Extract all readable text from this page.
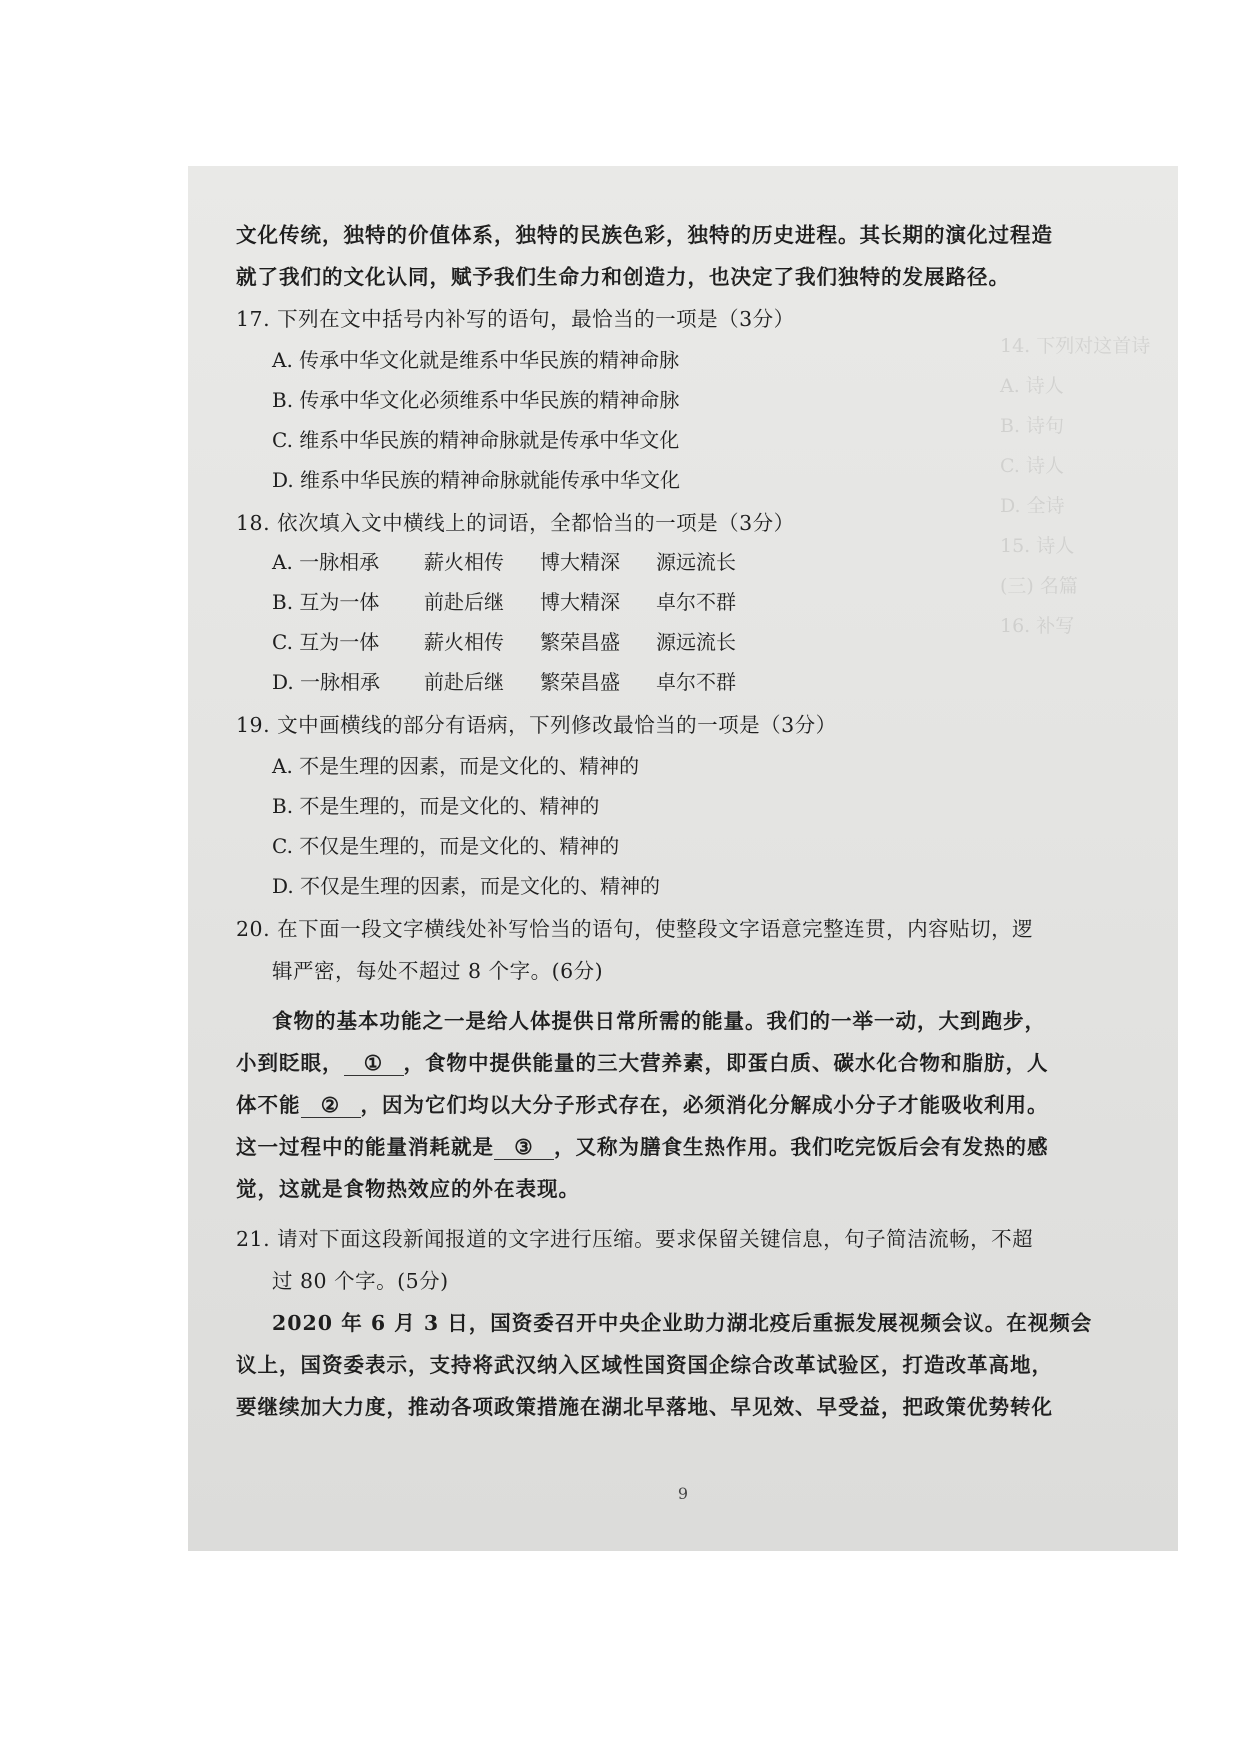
14. 下列对这首诗
A. 诗人
B. 诗句
C. 诗人
D. 全诗
15. 诗人
(三) 名篇
16. 补写
文化传统，独特的价值体系，独特的民族色彩，独特的历史进程。其长期的演化过程造
就了我们的文化认同，赋予我们生命力和创造力，也决定了我们独特的发展路径。
17. 下列在文中括号内补写的语句，最恰当的一项是（3分）
A. 传承中华文化就是维系中华民族的精神命脉
B. 传承中华文化必须维系中华民族的精神命脉
C. 维系中华民族的精神命脉就是传承中华文化
D. 维系中华民族的精神命脉就能传承中华文化
18. 依次填入文中横线上的词语，全都恰当的一项是（3分）
A. 一脉相承 薪火相传 博大精深 源远流长
B. 互为一体 前赴后继 博大精深 卓尔不群
C. 互为一体 薪火相传 繁荣昌盛 源远流长
D. 一脉相承 前赴后继 繁荣昌盛 卓尔不群
19. 文中画横线的部分有语病，下列修改最恰当的一项是（3分）
A. 不是生理的因素，而是文化的、精神的
B. 不是生理的，而是文化的、精神的
C. 不仅是生理的，而是文化的、精神的
D. 不仅是生理的因素，而是文化的、精神的
20. 在下面一段文字横线处补写恰当的语句，使整段文字语意完整连贯，内容贴切，逻
辑严密，每处不超过 8 个字。(6分)
食物的基本功能之一是给人体提供日常所需的能量。我们的一举一动，大到跑步，
小到眨眼， ① ，食物中提供能量的三大营养素，即蛋白质、碳水化合物和脂肪，人
体不能 ② ，因为它们均以大分子形式存在，必须消化分解成小分子才能吸收利用。
这一过程中的能量消耗就是 ③ ，又称为膳食生热作用。我们吃完饭后会有发热的感
觉，这就是食物热效应的外在表现。
21. 请对下面这段新闻报道的文字进行压缩。要求保留关键信息，句子简洁流畅，不超
过 80 个字。(5分)
2020 年 6 月 3 日，国资委召开中央企业助力湖北疫后重振发展视频会议。在视频会
议上，国资委表示，支持将武汉纳入区域性国资国企综合改革试验区，打造改革高地，
要继续加大力度，推动各项政策措施在湖北早落地、早见效、早受益，把政策优势转化
9
